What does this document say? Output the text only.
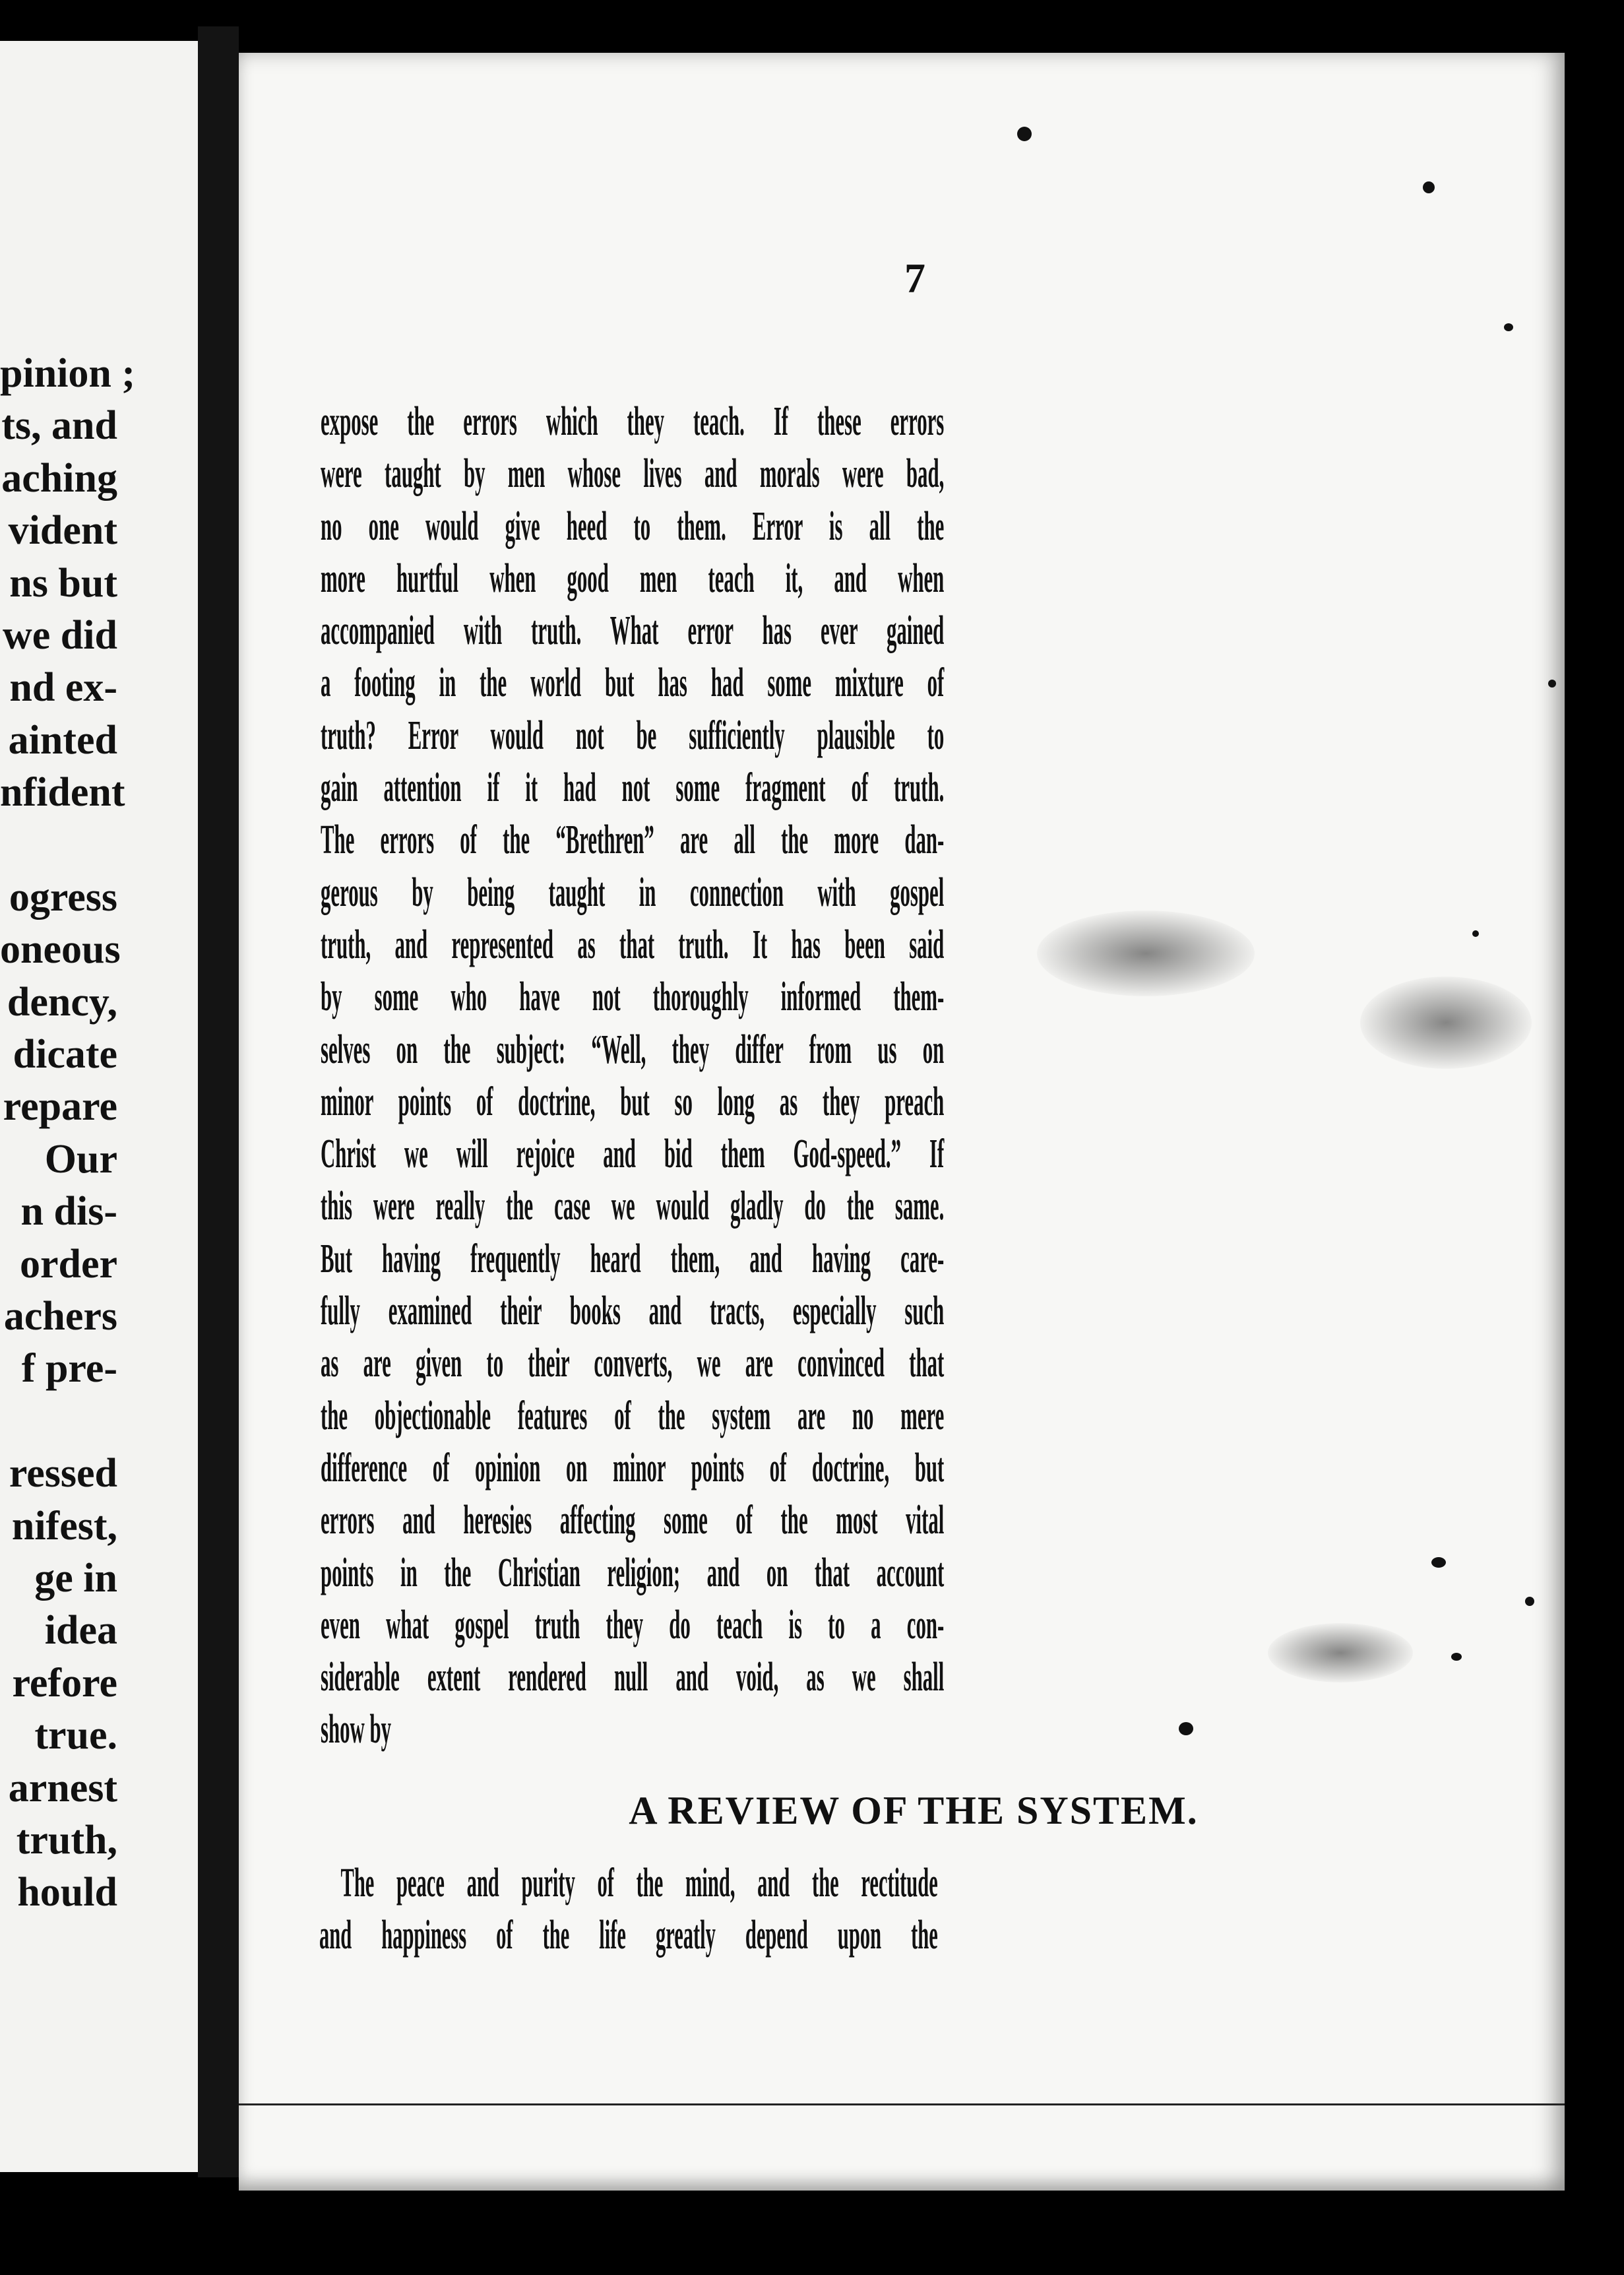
pinion ;
ts, and
aching
vident
ns but
we did
nd ex-
ainted
nfident
ogress
oneous
dency,
dicate
repare
Our
n dis-
order
achers
f pre-
ressed
nifest,
ge in
idea
refore
true.
arnest
truth,
hould

7

expose the errors which they teach. If these errors
were taught by men whose lives and morals were bad,
no one would give heed to them. Error is all the
more hurtful when good men teach it, and when
accompanied with truth. What error has ever gained
a footing in the world but has had some mixture of
truth? Error would not be sufficiently plausible to
gain attention if it had not some fragment of truth.
The errors of the “Brethren” are all the more dan-
gerous by being taught in connection with gospel
truth, and represented as that truth. It has been said
by some who have not thoroughly informed them-
selves on the subject: “Well, they differ from us on
minor points of doctrine, but so long as they preach
Christ we will rejoice and bid them God-speed.” If
this were really the case we would gladly do the same.
But having frequently heard them, and having care-
fully examined their books and tracts, especially such
as are given to their converts, we are convinced that
the objectionable features of the system are no mere
difference of opinion on minor points of doctrine, but
errors and heresies affecting some of the most vital
points in the Christian religion; and on that account
even what gospel truth they do teach is to a con-
siderable extent rendered null and void, as we shall
show by
A REVIEW OF THE SYSTEM.
The peace and purity of the mind, and the rectitude
and happiness of the life greatly depend upon the
